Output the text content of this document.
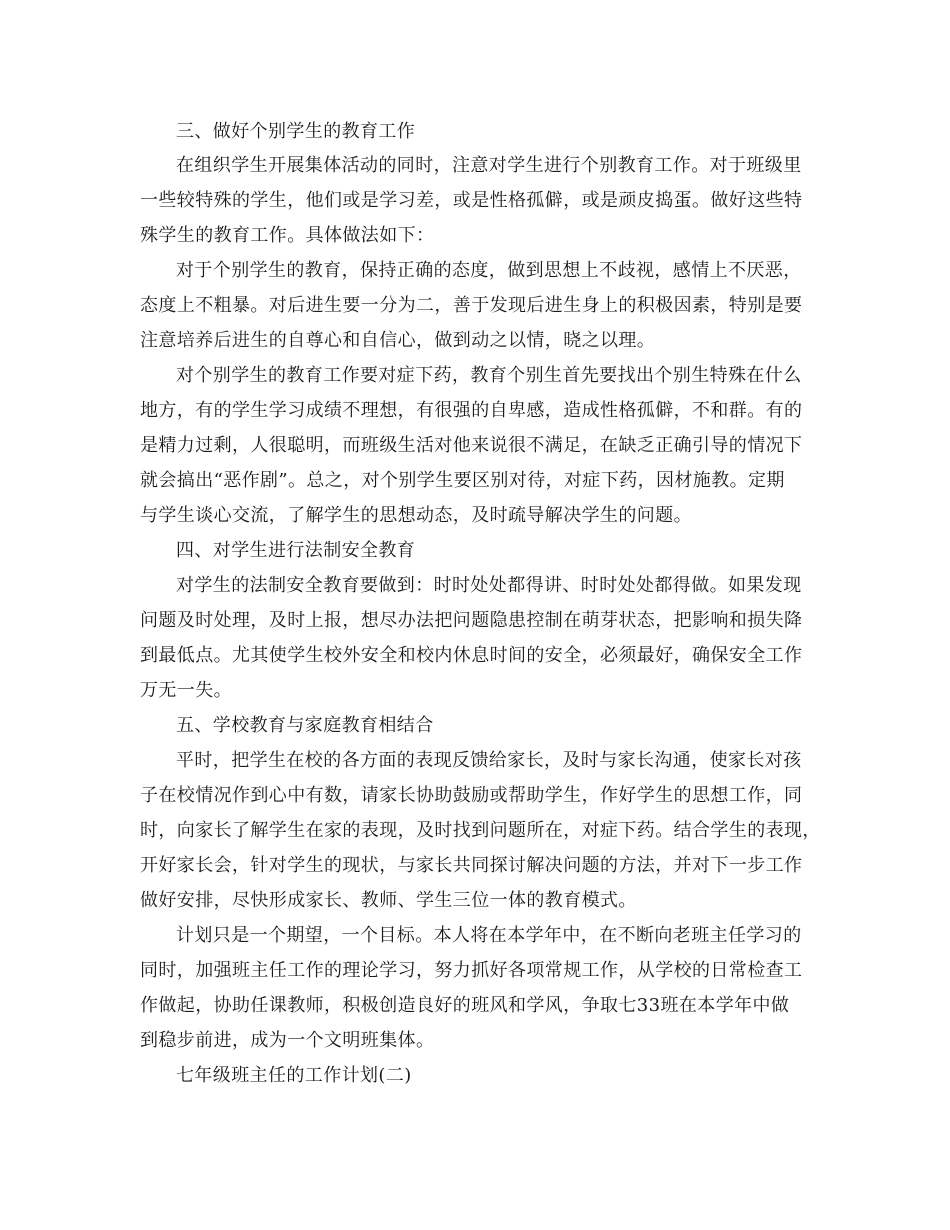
三、做好个别学生的教育工作
在组织学生开展集体活动的同时，注意对学生进行个别教育工作。对于班级里
一些较特殊的学生，他们或是学习差，或是性格孤僻，或是顽皮捣蛋。做好这些特
殊学生的教育工作。具体做法如下：
对于个别学生的教育，保持正确的态度，做到思想上不歧视，感情上不厌恶，
态度上不粗暴。对后进生要一分为二，善于发现后进生身上的积极因素，特别是要
注意培养后进生的自尊心和自信心，做到动之以情，晓之以理。
对个别学生的教育工作要对症下药，教育个别生首先要找出个别生特殊在什么
地方，有的学生学习成绩不理想，有很强的自卑感，造成性格孤僻，不和群。有的
是精力过剩，人很聪明，而班级生活对他来说很不满足，在缺乏正确引导的情况下
就会搞出“恶作剧”。总之，对个别学生要区别对待，对症下药，因材施教。定期
与学生谈心交流，了解学生的思想动态，及时疏导解决学生的问题。
四、对学生进行法制安全教育
对学生的法制安全教育要做到：时时处处都得讲、时时处处都得做。如果发现
问题及时处理，及时上报，想尽办法把问题隐患控制在萌芽状态，把影响和损失降
到最低点。尤其使学生校外安全和校内休息时间的安全，必须最好，确保安全工作
万无一失。
五、学校教育与家庭教育相结合
平时，把学生在校的各方面的表现反馈给家长，及时与家长沟通，使家长对孩
子在校情况作到心中有数，请家长协助鼓励或帮助学生，作好学生的思想工作，同
时，向家长了解学生在家的表现，及时找到问题所在，对症下药。结合学生的表现，
开好家长会，针对学生的现状，与家长共同探讨解决问题的方法，并对下一步工作
做好安排，尽快形成家长、教师、学生三位一体的教育模式。
计划只是一个期望，一个目标。本人将在本学年中，在不断向老班主任学习的
同时，加强班主任工作的理论学习，努力抓好各项常规工作，从学校的日常检查工
作做起，协助任课教师，积极创造良好的班风和学风，争取七33班在本学年中做
到稳步前进，成为一个文明班集体。
七年级班主任的工作计划(二)
